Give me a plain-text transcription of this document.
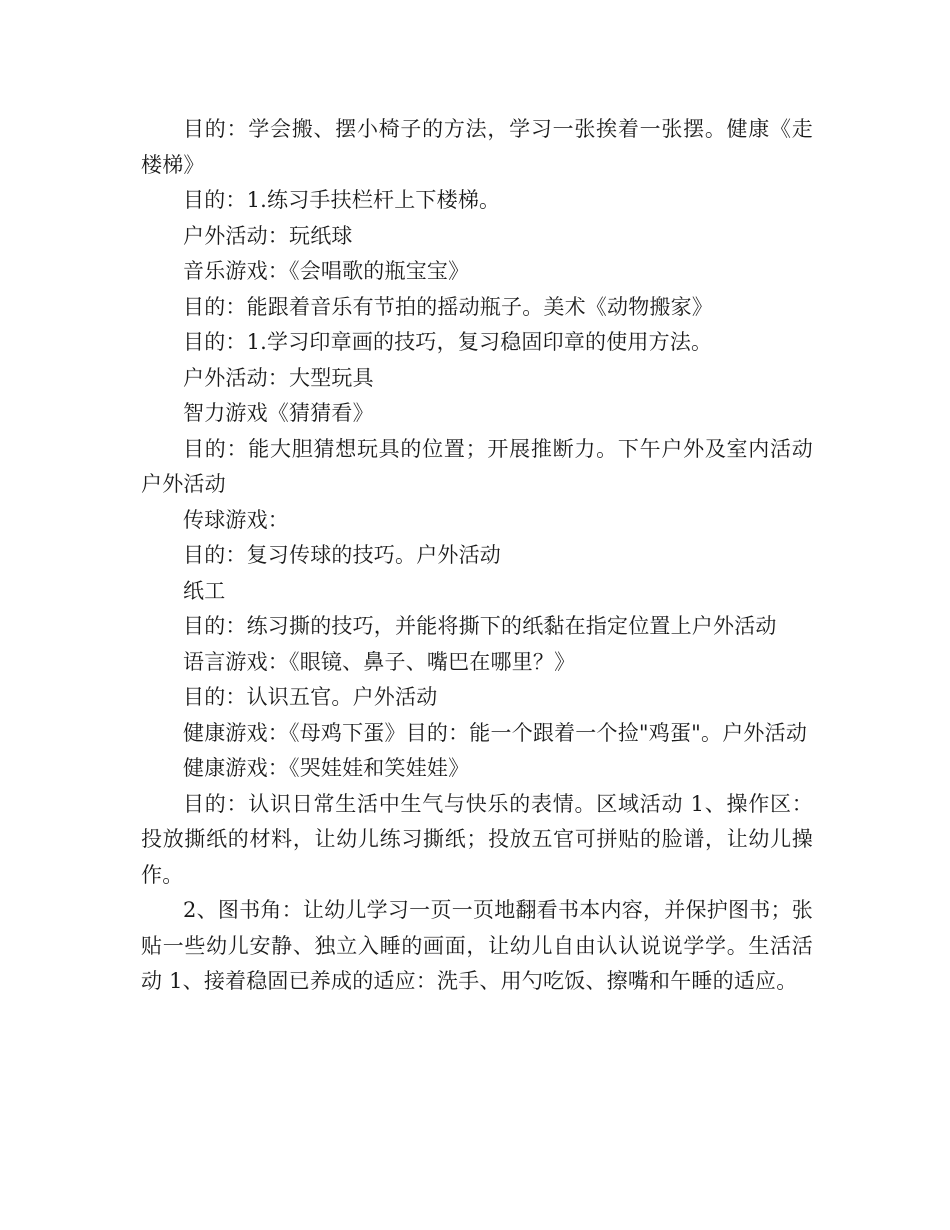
目的：学会搬、摆小椅子的方法，学习一张挨着一张摆。健康《走楼梯》

目的：1.练习手扶栏杆上下楼梯。

户外活动：玩纸球

音乐游戏：《会唱歌的瓶宝宝》

目的：能跟着音乐有节拍的摇动瓶子。美术《动物搬家》

目的：1.学习印章画的技巧，复习稳固印章的使用方法。

户外活动：大型玩具

智力游戏《猜猜看》

目的：能大胆猜想玩具的位置；开展推断力。下午户外及室内活动户外活动

传球游戏：

目的：复习传球的技巧。户外活动

纸工

目的：练习撕的技巧，并能将撕下的纸黏在指定位置上户外活动

语言游戏：《眼镜、鼻子、嘴巴在哪里？》

目的：认识五官。户外活动

健康游戏：《母鸡下蛋》目的：能一个跟着一个捡"鸡蛋"。户外活动

健康游戏：《哭娃娃和笑娃娃》

目的：认识日常生活中生气与快乐的表情。区域活动 1、操作区：投放撕纸的材料，让幼儿练习撕纸；投放五官可拼贴的脸谱，让幼儿操作。

2、图书角：让幼儿学习一页一页地翻看书本内容，并保护图书；张贴一些幼儿安静、独立入睡的画面，让幼儿自由认认说说学学。生活活动 1、接着稳固已养成的适应：洗手、用勺吃饭、擦嘴和午睡的适应。
